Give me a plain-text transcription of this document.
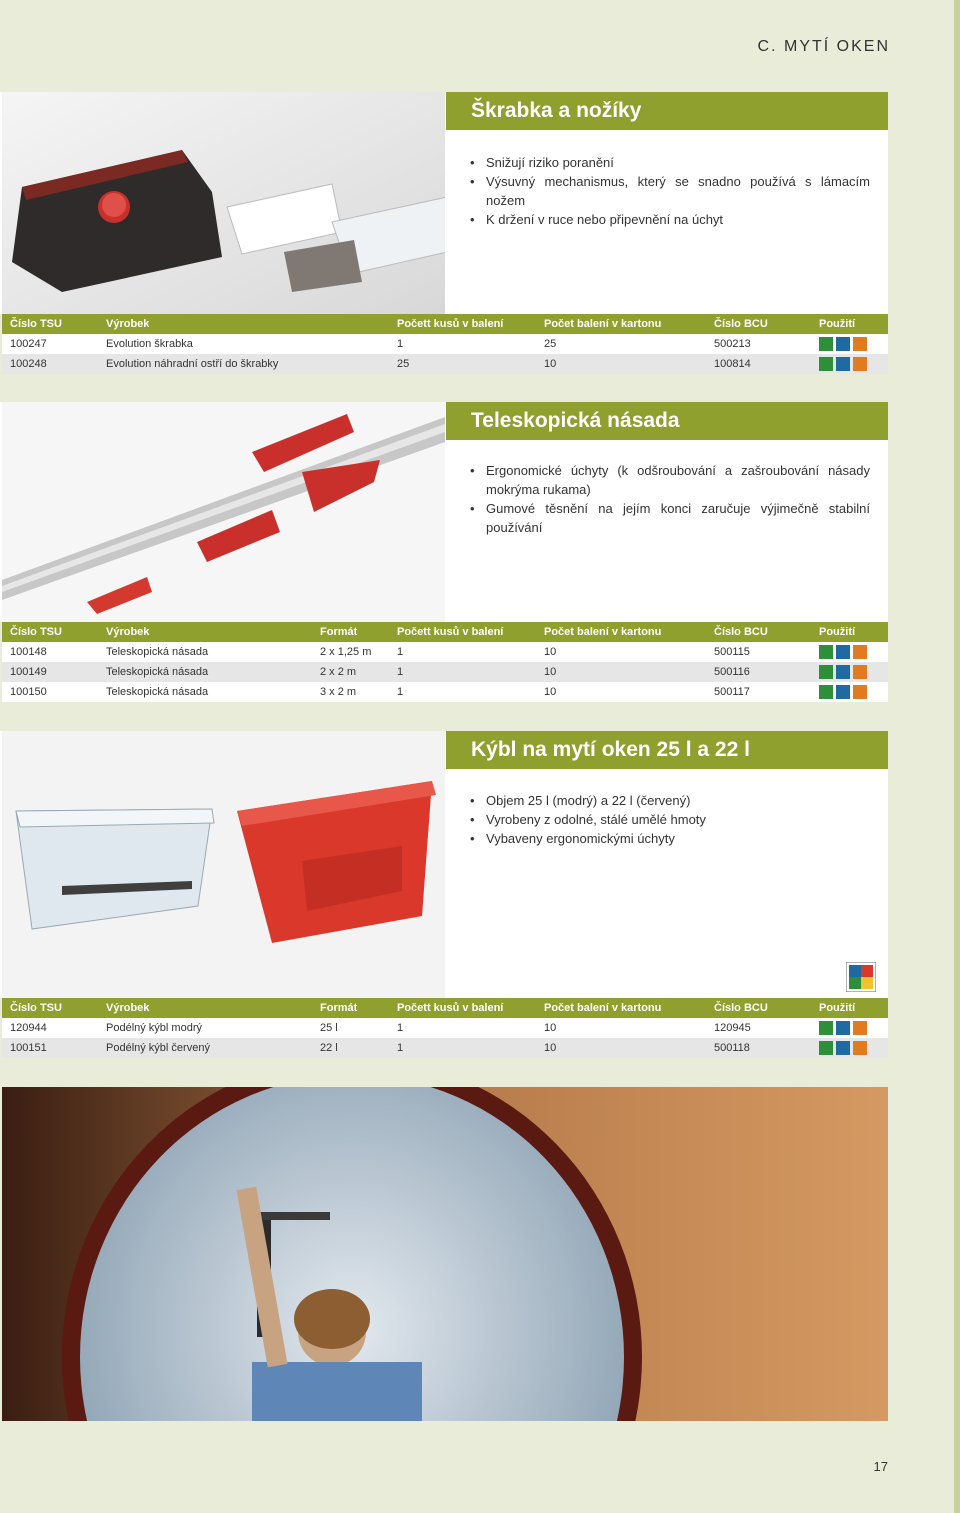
C. MYTÍ OKEN
Škrabka a nožíky
• Snižují riziko poranění
• Výsuvný mechanismus, který se snadno používá s lámacím nožem
• K držení v ruce nebo připevnění na úchyt
Číslo TSU	Výrobek	Počett kusů v balení	Počet balení v kartonu	Číslo BCU	Použití
100247	Evolution škrabka	1	25	500213	
100248	Evolution náhradní ostří do škrabky	25	10	100814	
Teleskopická násada
• Ergonomické úchyty (k odšroubování a zašroubování násady mokrýma rukama)
• Gumové těsnění na jejím konci zaručuje výjimečně stabilní používání
Číslo TSU	Výrobek	Formát	Počett kusů v balení	Počet balení v kartonu	Číslo BCU	Použití
100148	Teleskopická násada	2 x 1,25 m	1	10	500115	
100149	Teleskopická násada	2 x 2 m	1	10	500116	
100150	Teleskopická násada	3 x 2 m	1	10	500117	
Kýbl na mytí oken 25 l a 22 l
• Objem 25 l (modrý) a 22 l (červený)
• Vyrobeny z odolné, stálé umělé hmoty
• Vybaveny ergonomickými úchyty
Číslo TSU	Výrobek	Formát	Počett kusů v balení	Počet balení v kartonu	Číslo BCU	Použití
120944	Podélný kýbl modrý	25 l	1	10	120945	
100151	Podélný kýbl červený	22 l	1	10	500118	
17
